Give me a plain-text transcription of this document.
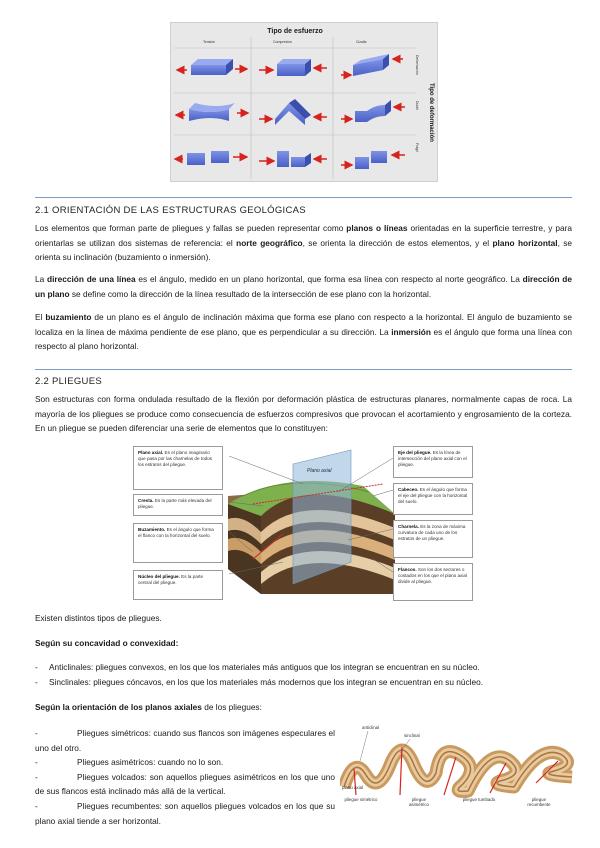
Tipo de esfuerzo
Tensión	Compresión	Cizalla
Deformación
Dúctil
Frágil
Tipo de deformación
2.1 ORIENTACIÓN DE LAS ESTRUCTURAS GEOLÓGICAS

Los elementos que forman parte de pliegues y fallas se pueden representar como planos o líneas orientadas en la superficie terrestre, y para orientarlas se utilizan dos sistemas de referencia: el norte geográfico, se orienta la dirección de estos elementos, y el plano horizontal, se orienta su inclinación (buzamiento o inmersión).

La dirección de una línea es el ángulo, medido en un plano horizontal, que forma esa línea con respecto al norte geográfico. La dirección de un plano se define como la dirección de la línea resultado de la intersección de ese plano con la horizontal.

El buzamiento de un plano es el ángulo de inclinación máxima que forma ese plano con respecto a la horizontal. El ángulo de buzamiento se localiza en la línea de máxima pendiente de ese plano, que es perpendicular a su dirección. La inmersión es el ángulo que forma una línea con respecto al plano horizontal.

2.2 PLIEGUES

Son estructuras con forma ondulada resultado de la flexión por deformación plástica de estructuras planares, normalmente capas de roca. La mayoría de los pliegues se produce como consecuencia de esfuerzos compresivos que provocan el acortamiento y engrosamiento de la corteza. En un pliegue se pueden diferenciar una serie de elementos que lo constituyen:

Plano axial
Plano axial. Es el plano imaginario que pasa por las charnelas de todos los estratos del pliegue.
Cresta. Es la parte más elevada del pliegue.
Buzamiento. Es el ángulo que forma el flanco con la horizontal del suelo.
Núcleo del pliegue. Es la parte central del pliegue.
Eje del pliegue. Es la línea de intersección del plano axial con el pliegue.
Cabeceo. Es el ángulo que forma el eje del pliegue con la horizontal del suelo.
Charnela. Es la zona de máxima curvatura de cada uno de los estratos de un pliegue.
Flancos. Son los dos sectores o costados en los que el plano axial divide al pliegue.
Existen distintos tipos de pliegues.
Según su concavidad o convexidad:
- Anticlinales: pliegues convexos, en los que los materiales más antiguos que los integran se encuentran en su núcleo.
- Sinclinales: pliegues cóncavos, en los que los materiales más modernos que los integran se encuentran en su núcleo.
Según la orientación de los planos axiales de los pliegues:
-	Pliegues simétricos: cuando sus flancos son imágenes especulares el uno del otro.
-	Pliegues asimétricos: cuando no lo son.
-	Pliegues volcados: son aquellos pliegues asimétricos en los que uno de sus flancos está inclinado más allá de la vertical.
-	Pliegues recumbentes: son aquellos pliegues volcados en los que su plano axial tiende a ser horizontal.
anticlinal
sinclinal
plano axial
pliegue simétrico	pliegue asimétrico
pliegue tumbado	pliegue recumbente
